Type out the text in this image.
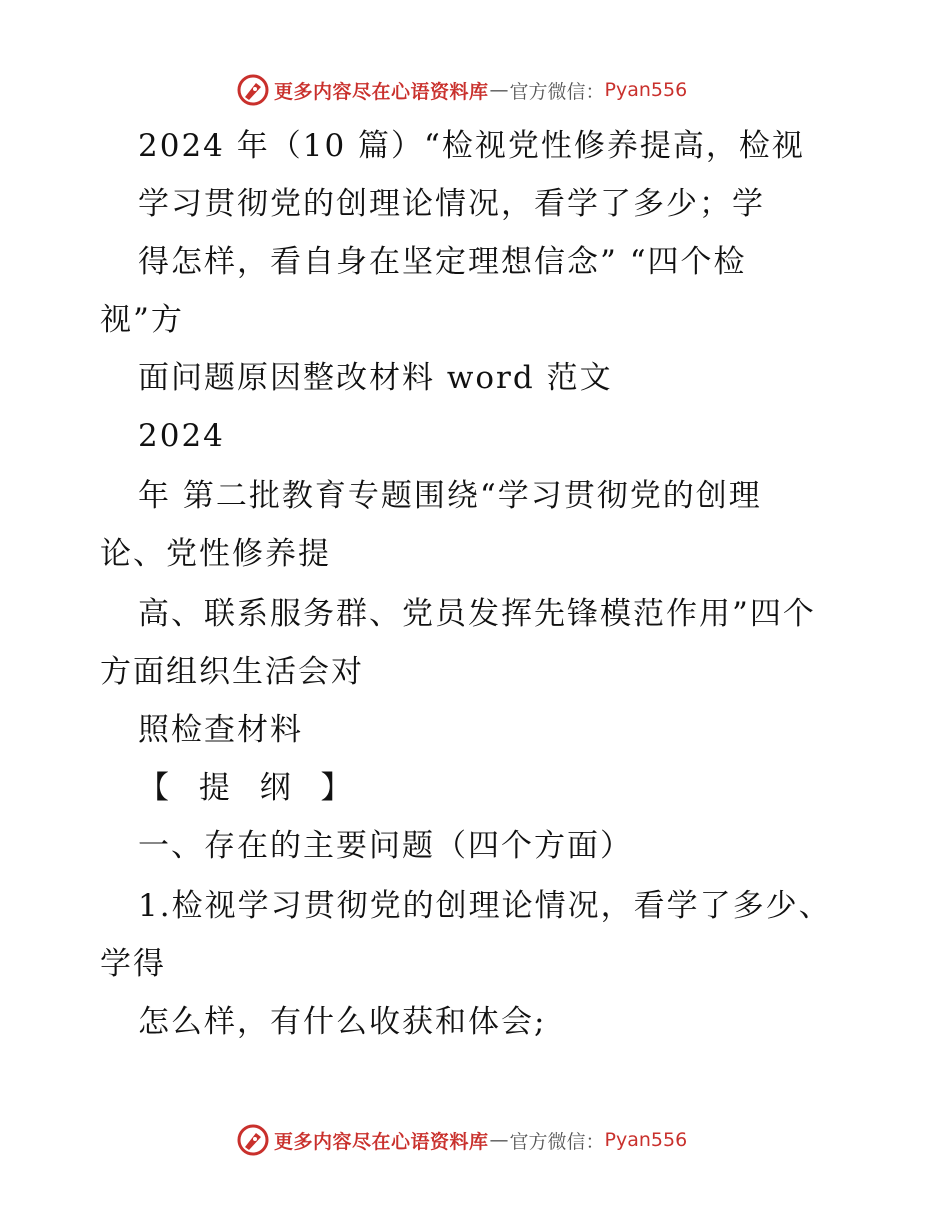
更多内容尽在心语资料库 — 官方微信： Pyan556
2024 年（10 篇）“检视党性修养提高，检视
学习贯彻党的创理论情况，看学了多少；学
得怎样，看自身在坚定理想信念” “四个检
视”方
面问题原因整改材料 word 范文
2024
年 第二批教育专题围绕“学习贯彻党的创理
论、党性修养提
高、联系服务群、党员发挥先锋模范作用”四个
方面组织生活会对
照检查材料
【 提 纲 】
一、存在的主要问题（四个方面）
1.检视学习贯彻党的创理论情况，看学了多少、
学得
怎么样，有什么收获和体会;
更多内容尽在心语资料库 — 官方微信： Pyan556
